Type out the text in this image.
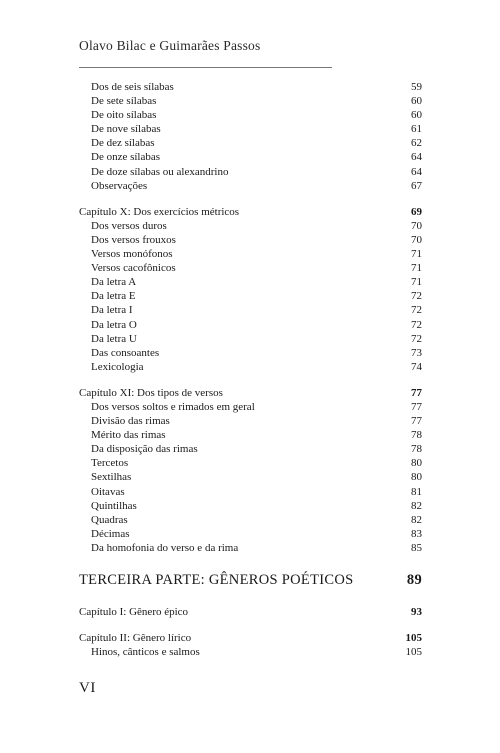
Olavo Bilac e Guimarães Passos
Dos de seis sílabas	59
De sete sílabas	60
De oito sílabas	60
De nove sílabas	61
De dez sílabas	62
De onze sílabas	64
De doze sílabas ou alexandrino	64
Observações	67
Capítulo X: Dos exercícios métricos	69
Dos versos duros	70
Dos versos frouxos	70
Versos monófonos	71
Versos cacofônicos	71
Da letra A	71
Da letra E	72
Da letra I	72
Da letra O	72
Da letra U	72
Das consoantes	73
Lexicologia	74
Capítulo XI: Dos tipos de versos	77
Dos versos soltos e rimados em geral	77
Divisão das rimas	77
Mérito das rimas	78
Da disposição das rimas	78
Tercetos	80
Sextilhas	80
Oitavas	81
Quintilhas	82
Quadras	82
Décimas	83
Da homofonia do verso e da rima	85
TERCEIRA PARTE: GÊNEROS POÉTICOS	89
Capítulo I: Gênero épico	93
Capítulo II: Gênero lírico	105
Hinos, cânticos e salmos	105
VI
